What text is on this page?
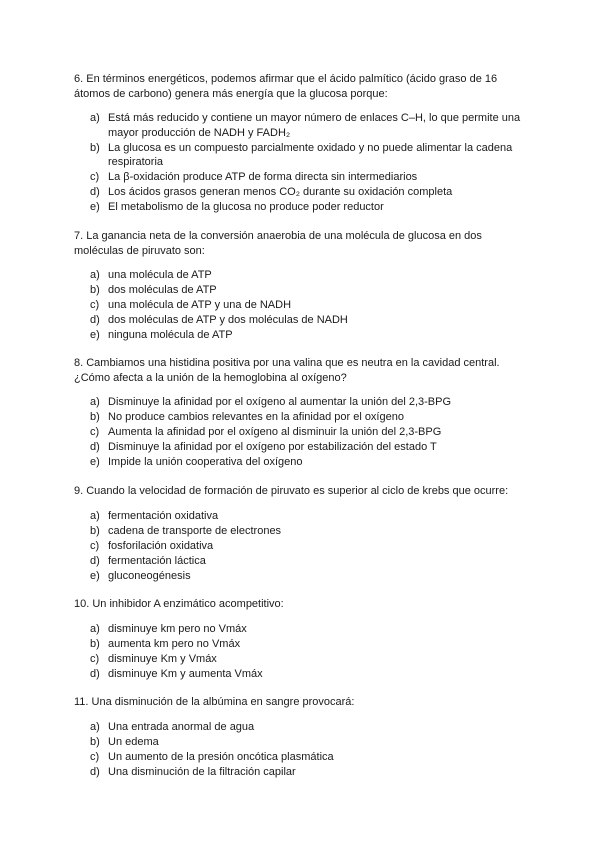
6. En términos energéticos, podemos afirmar que el ácido palmítico (ácido graso de 16 átomos de carbono) genera más energía que la glucosa porque:

a) Está más reducido y contiene un mayor número de enlaces C–H, lo que permite una mayor producción de NADH y FADH₂
b) La glucosa es un compuesto parcialmente oxidado y no puede alimentar la cadena respiratoria
c) La β-oxidación produce ATP de forma directa sin intermediarios
d) Los ácidos grasos generan menos CO₂ durante su oxidación completa
e) El metabolismo de la glucosa no produce poder reductor

7. La ganancia neta de la conversión anaerobia de una molécula de glucosa en dos moléculas de piruvato son:

a) una molécula de ATP
b) dos moléculas de ATP
c) una molécula de ATP y una de NADH
d) dos moléculas de ATP y dos moléculas de NADH
e) ninguna molécula de ATP

8. Cambiamos una histidina positiva por una valina que es neutra en la cavidad central. ¿Cómo afecta a la unión de la hemoglobina al oxígeno?

a) Disminuye la afinidad por el oxígeno al aumentar la unión del 2,3-BPG
b) No produce cambios relevantes en la afinidad por el oxígeno
c) Aumenta la afinidad por el oxígeno al disminuir la unión del 2,3-BPG
d) Disminuye la afinidad por el oxígeno por estabilización del estado T
e) Impide la unión cooperativa del oxígeno

9. Cuando la velocidad de formación de piruvato es superior al ciclo de krebs que ocurre:

a) fermentación oxidativa
b) cadena de transporte de electrones
c) fosforilación oxidativa
d) fermentación láctica
e) gluconeogénesis

10. Un inhibidor A enzimático acompetitivo:

a) disminuye km pero no Vmáx
b) aumenta km pero no Vmáx
c) disminuye Km y Vmáx
d) disminuye Km y aumenta Vmáx

11. Una disminución de la albúmina en sangre provocará:

a) Una entrada anormal de agua
b) Un edema
c) Un aumento de la presión oncótica plasmática
d) Una disminución de la filtración capilar
